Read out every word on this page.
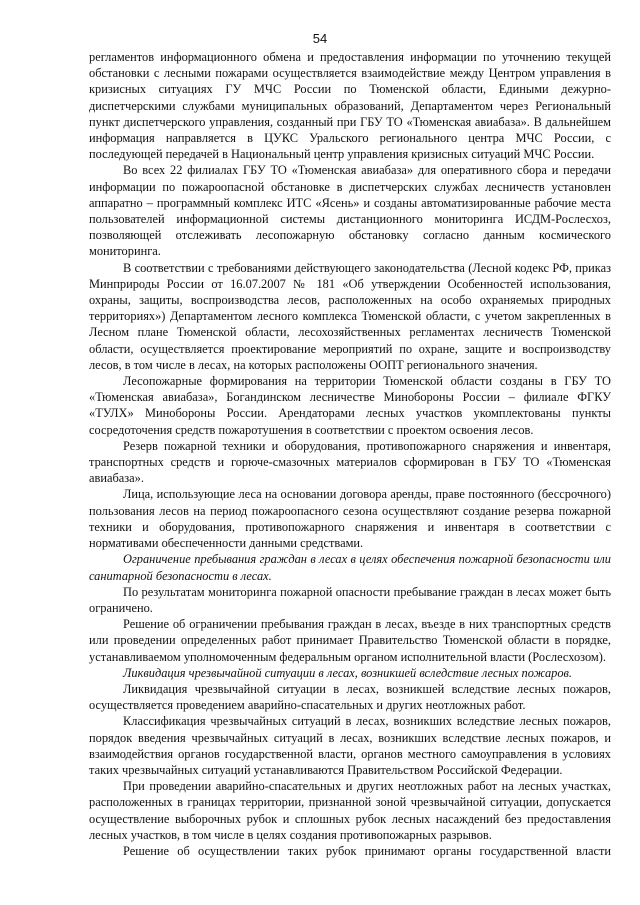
54

регламентов информационного обмена и предоставления информации по уточнению текущей обстановки с лесными пожарами осуществляется взаимодействие между Центром управления в кризисных ситуациях ГУ МЧС России по Тюменской области, Едиными дежурно-диспетчерскими службами муниципальных образований, Департаментом через Региональный пункт диспетчерского управления, созданный при ГБУ ТО «Тюменская авиабаза». В дальнейшем информация направляется в ЦУКС Уральского регионального центра МЧС России, с последующей передачей в Национальный центр управления кризисных ситуаций МЧС России.

Во всех 22 филиалах ГБУ ТО «Тюменская авиабаза» для оперативного сбора и передачи информации по пожароопасной обстановке в диспетчерских службах лесничеств установлен аппаратно – программный комплекс ИТС «Ясень» и созданы автоматизированные рабочие места пользователей информационной системы дистанционного мониторинга ИСДМ-Рослесхоз, позволяющей отслеживать лесопожарную обстановку согласно данным космического мониторинга.

В соответствии с требованиями действующего законодательства (Лесной кодекс РФ, приказ Минприроды России от 16.07.2007 № 181 «Об утверждении Особенностей использования, охраны, защиты, воспроизводства лесов, расположенных на особо охраняемых природных территориях») Департаментом лесного комплекса Тюменской области, с учетом закрепленных в Лесном плане Тюменской области, лесохозяйственных регламентах лесничеств Тюменской области, осуществляется проектирование мероприятий по охране, защите и воспроизводству лесов, в том числе в лесах, на которых расположены ООПТ регионального значения.

Лесопожарные формирования на территории Тюменской области созданы в ГБУ ТО «Тюменская авиабаза», Богандинском лесничестве Минобороны России – филиале ФГКУ «ТУЛХ» Минобороны России. Арендаторами лесных участков укомплектованы пункты сосредоточения средств пожаротушения в соответствии с проектом освоения лесов.

Резерв пожарной техники и оборудования, противопожарного снаряжения и инвентаря, транспортных средств и горюче-смазочных материалов сформирован в ГБУ ТО «Тюменская авиабаза».

Лица, использующие леса на основании договора аренды, праве постоянного (бессрочного) пользования лесов на период пожароопасного сезона осуществляют создание резерва пожарной техники и оборудования, противопожарного снаряжения и инвентаря в соответствии с нормативами обеспеченности данными средствами.

Ограничение пребывания граждан в лесах в целях обеспечения пожарной безопасности или санитарной безопасности в лесах.

По результатам мониторинга пожарной опасности пребывание граждан в лесах может быть ограничено.

Решение об ограничении пребывания граждан в лесах, въезде в них транспортных средств или проведении определенных работ принимает Правительство Тюменской области в порядке, устанавливаемом уполномоченным федеральным органом исполнительной власти (Рослесхозом).

Ликвидация чрезвычайной ситуации в лесах, возникшей вследствие лесных пожаров.

Ликвидация чрезвычайной ситуации в лесах, возникшей вследствие лесных пожаров, осуществляется проведением аварийно-спасательных и других неотложных работ.

Классификация чрезвычайных ситуаций в лесах, возникших вследствие лесных пожаров, порядок введения чрезвычайных ситуаций в лесах, возникших вследствие лесных пожаров, и взаимодействия органов государственной власти, органов местного самоуправления в условиях таких чрезвычайных ситуаций устанавливаются Правительством Российской Федерации.

При проведении аварийно-спасательных и других неотложных работ на лесных участках, расположенных в границах территории, признанной зоной чрезвычайной ситуации, допускается осуществление выборочных рубок и сплошных рубок лесных насаждений без предоставления лесных участков, в том числе в целях создания противопожарных разрывов.

Решение об осуществлении таких рубок принимают органы государственной власти
